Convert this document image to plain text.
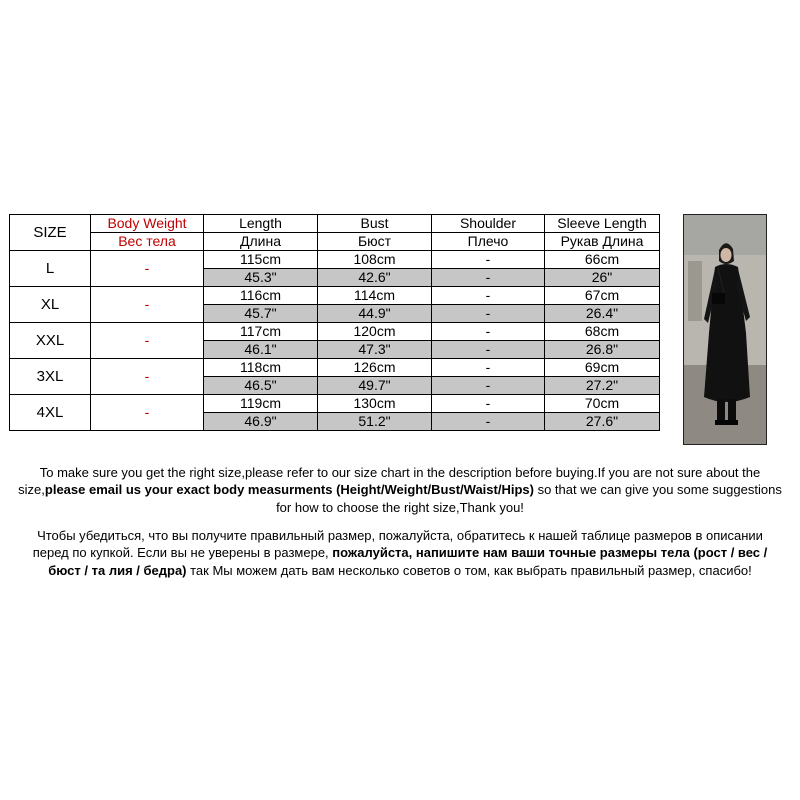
SIZE	Body Weight	Length	Bust	Shoulder	Sleeve Length
	Вес тела	Длина	Бюст	Плечо	Рукав Длина
L	-	115cm	108cm	-	66cm
		45.3"	42.6"	-	26"
XL	-	116cm	114cm	-	67cm
		45.7"	44.9"	-	26.4"
XXL	-	117cm	120cm	-	68cm
		46.1"	47.3"	-	26.8"
3XL	-	118cm	126cm	-	69cm
		46.5"	49.7"	-	27.2"
4XL	-	119cm	130cm	-	70cm
		46.9"	51.2"	-	27.6"

To make sure you get the right size,please refer to our size chart in the description before buying.If you are not sure about the size,please email us your exact body measurments (Height/Weight/Bust/Waist/Hips) so that we can give you some suggestions for how to choose the right size,Thank you!

Чтобы убедиться, что вы получите правильный размер, пожалуйста, обратитесь к нашей таблице размеров в описании перед по купкой. Если вы не уверены в размере, пожалуйста, напишите нам ваши точные размеры тела (рост / вес / бюст / та лия / бедра) так Мы можем дать вам несколько советов о том, как выбрать правильный размер, спасибо!
